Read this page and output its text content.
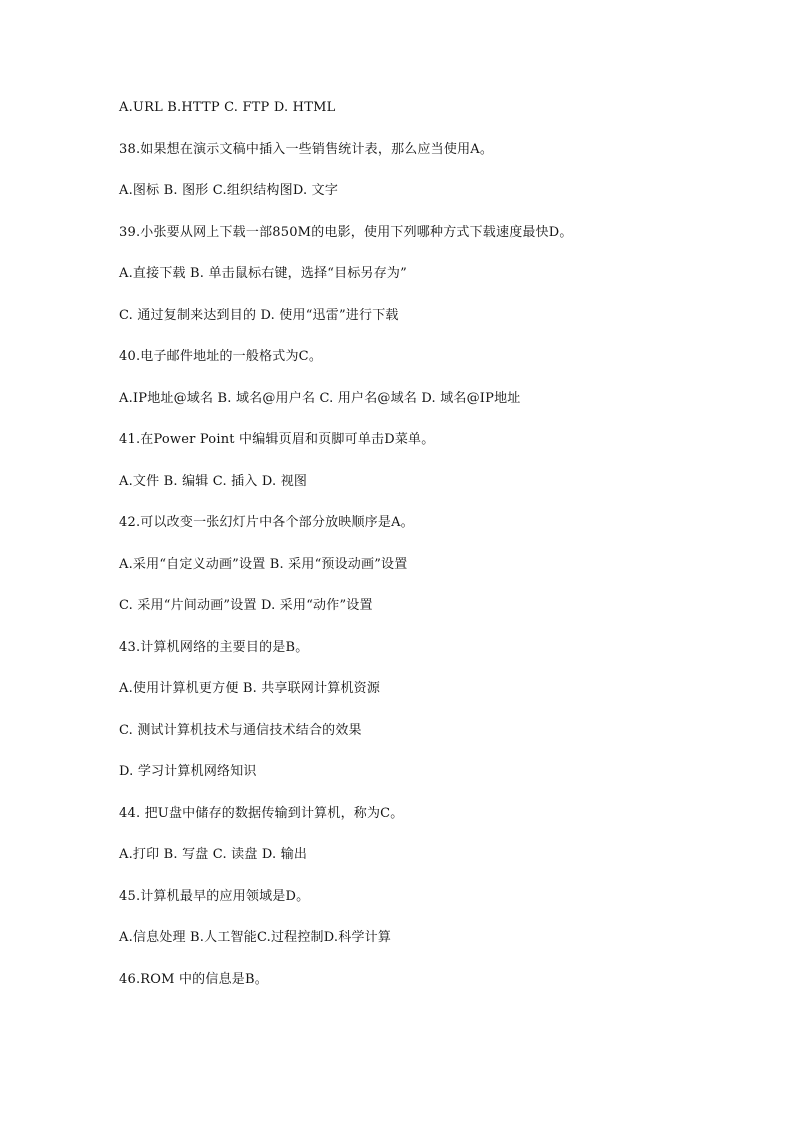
A.URL B.HTTP C. FTP D. HTML
38.如果想在演示文稿中插入一些销售统计表，那么应当使用A。
A.图标 B. 图形 C.组织结构图D. 文字
39.小张要从网上下载一部850M的电影，使用下列哪种方式下载速度最快D。
A.直接下载 B. 单击鼠标右键，选择“目标另存为”
C. 通过复制来达到目的 D. 使用“迅雷”进行下载
40.电子邮件地址的一般格式为C。
A.IP地址@域名 B. 域名@用户名 C. 用户名@域名 D. 域名@IP地址
41.在Power Point 中编辑页眉和页脚可单击D菜单。
A.文件 B. 编辑 C. 插入 D. 视图
42.可以改变一张幻灯片中各个部分放映顺序是A。
A.采用“自定义动画”设置 B. 采用“预设动画”设置
C. 采用“片间动画”设置 D. 采用“动作”设置
43.计算机网络的主要目的是B。
A.使用计算机更方便 B. 共享联网计算机资源
C. 测试计算机技术与通信技术结合的效果
D. 学习计算机网络知识
44. 把U盘中储存的数据传输到计算机，称为C。
A.打印 B. 写盘 C. 读盘 D. 输出
45.计算机最早的应用领域是D。
A.信息处理 B.人工智能C.过程控制D.科学计算
46.ROM 中的信息是B。
